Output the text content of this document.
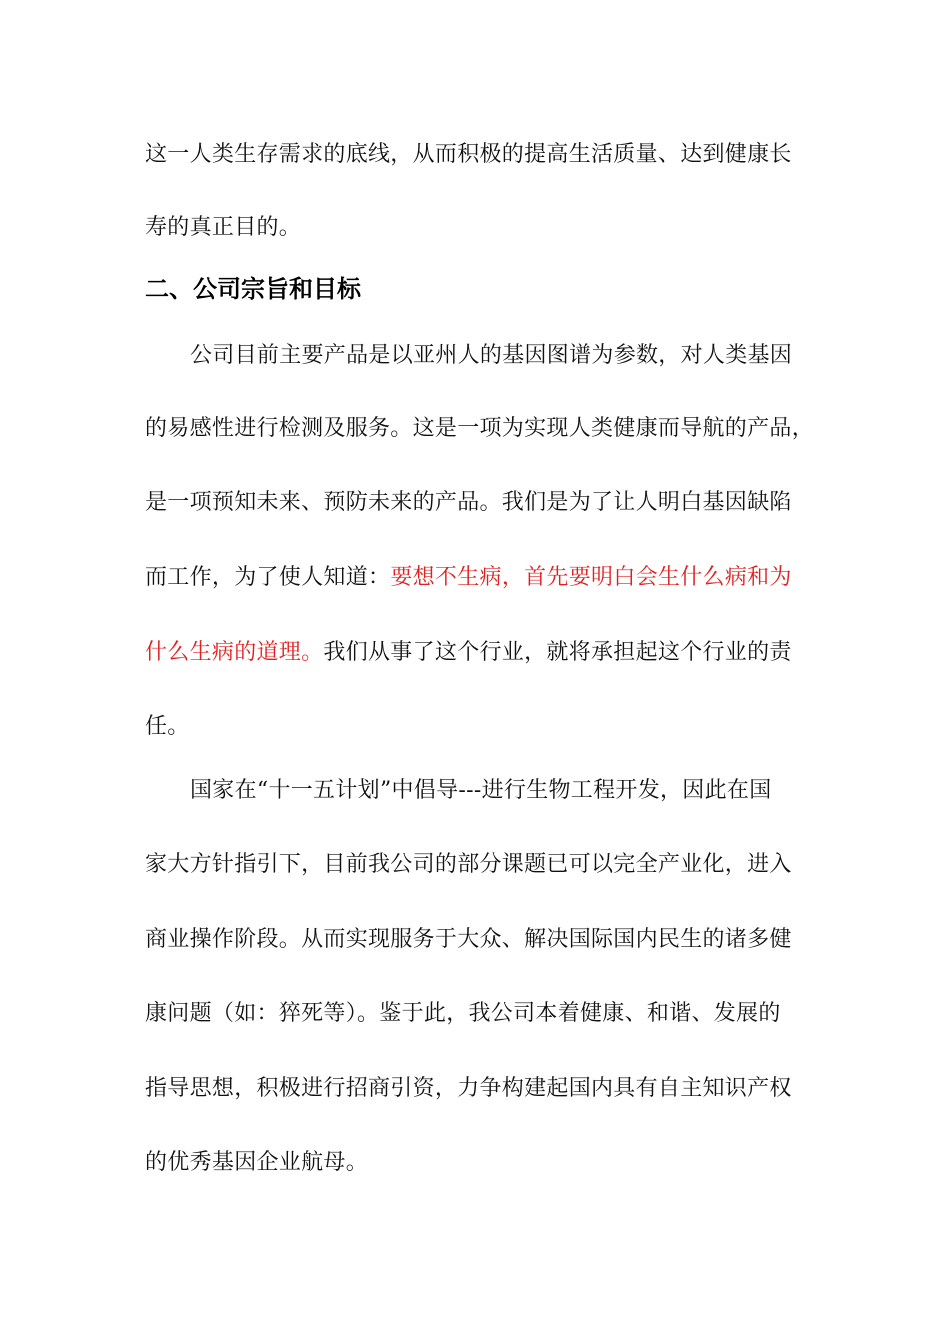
这一人类生存需求的底线，从而积极的提高生活质量、达到健康长
寿的真正目的。
二、公司宗旨和目标
公司目前主要产品是以亚州人的基因图谱为参数，对人类基因
的易感性进行检测及服务。这是一项为实现人类健康而导航的产品，
是一项预知未来、预防未来的产品。我们是为了让人明白基因缺陷
而工作，为了使人知道：要想不生病，首先要明白会生什么病和为
什么生病的道理。我们从事了这个行业，就将承担起这个行业的责
任。
国家在“十一五计划”中倡导---进行生物工程开发，因此在国
家大方针指引下，目前我公司的部分课题已可以完全产业化，进入
商业操作阶段。从而实现服务于大众、解决国际国内民生的诸多健
康问题（如：猝死等）。鉴于此，我公司本着健康、和谐、发展的
指导思想，积极进行招商引资，力争构建起国内具有自主知识产权
的优秀基因企业航母。
